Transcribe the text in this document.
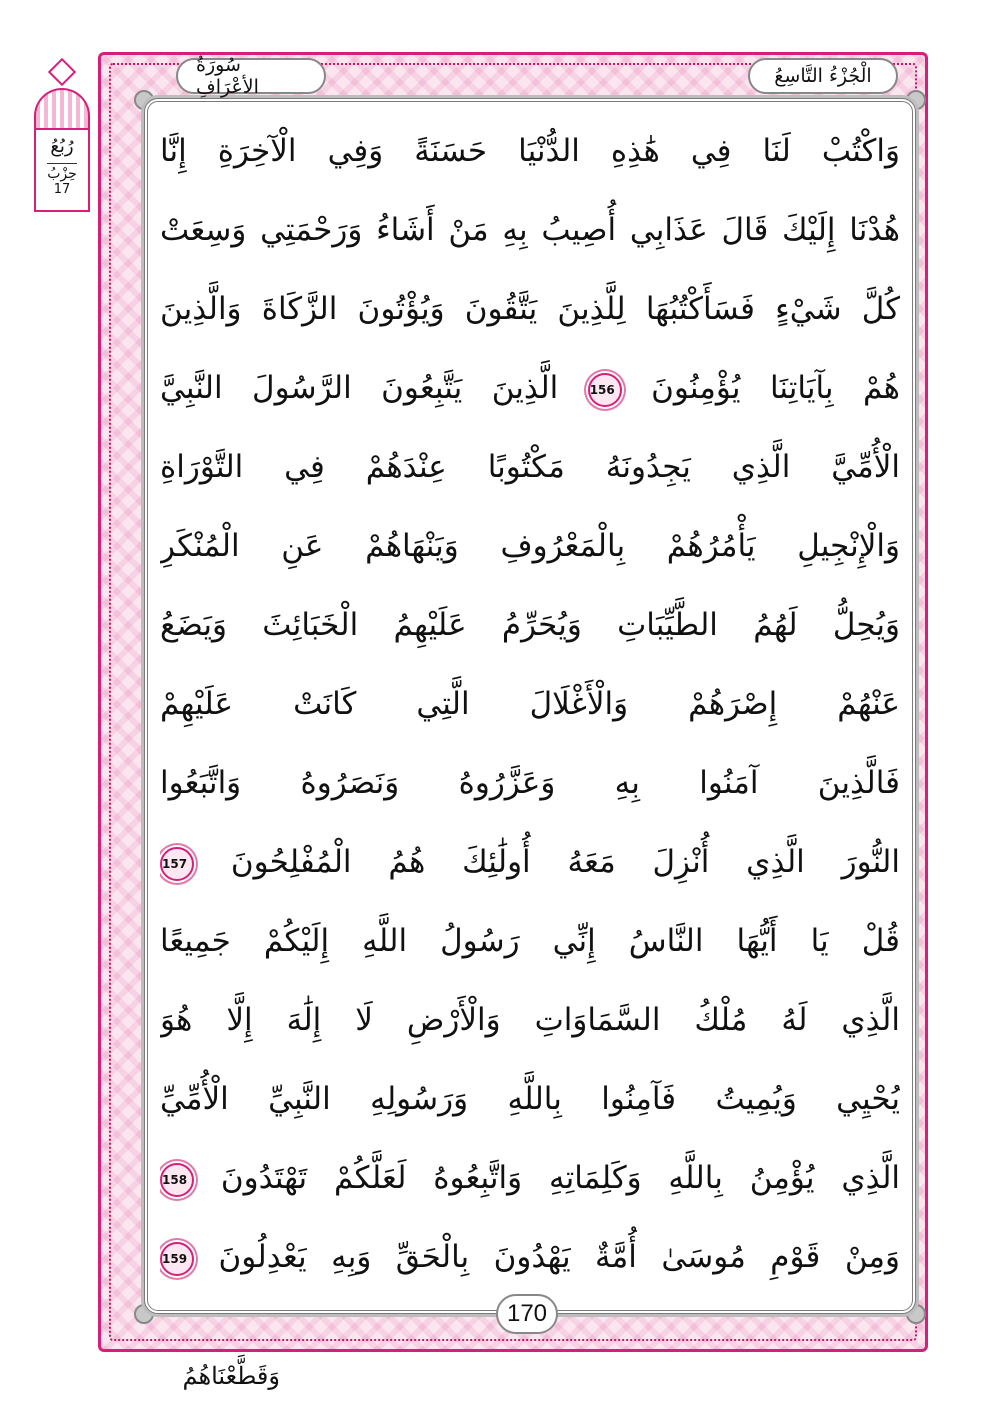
الْجُزْءُ التَّاسِعُ
سُورَةُ الأعْرَافِ
رُبُعُ
حِزْبُ
17
وَاكْتُبْ لَنَا فِي هَٰذِهِ الدُّنْيَا حَسَنَةً وَفِي الْآخِرَةِ إِنَّا
هُدْنَا إِلَيْكَ قَالَ عَذَابِي أُصِيبُ بِهِ مَنْ أَشَاءُ وَرَحْمَتِي وَسِعَتْ
كُلَّ شَيْءٍ فَسَأَكْتُبُهَا لِلَّذِينَ يَتَّقُونَ وَيُؤْتُونَ الزَّكَاةَ وَالَّذِينَ
هُمْ بِآيَاتِنَا يُؤْمِنُونَ 156 الَّذِينَ يَتَّبِعُونَ الرَّسُولَ النَّبِيَّ
الْأُمِّيَّ الَّذِي يَجِدُونَهُ مَكْتُوبًا عِنْدَهُمْ فِي التَّوْرَاةِ
وَالْإِنْجِيلِ يَأْمُرُهُمْ بِالْمَعْرُوفِ وَيَنْهَاهُمْ عَنِ الْمُنْكَرِ
وَيُحِلُّ لَهُمُ الطَّيِّبَاتِ وَيُحَرِّمُ عَلَيْهِمُ الْخَبَائِثَ وَيَضَعُ
عَنْهُمْ إِصْرَهُمْ وَالْأَغْلَالَ الَّتِي كَانَتْ عَلَيْهِمْ
فَالَّذِينَ آمَنُوا بِهِ وَعَزَّرُوهُ وَنَصَرُوهُ وَاتَّبَعُوا
النُّورَ الَّذِي أُنْزِلَ مَعَهُ أُولَٰئِكَ هُمُ الْمُفْلِحُونَ 157
قُلْ يَا أَيُّهَا النَّاسُ إِنِّي رَسُولُ اللَّهِ إِلَيْكُمْ جَمِيعًا
الَّذِي لَهُ مُلْكُ السَّمَاوَاتِ وَالْأَرْضِ لَا إِلَٰهَ إِلَّا هُوَ
يُحْيِي وَيُمِيتُ فَآمِنُوا بِاللَّهِ وَرَسُولِهِ النَّبِيِّ الْأُمِّيِّ
الَّذِي يُؤْمِنُ بِاللَّهِ وَكَلِمَاتِهِ وَاتَّبِعُوهُ لَعَلَّكُمْ تَهْتَدُونَ 158
وَمِنْ قَوْمِ مُوسَىٰ أُمَّةٌ يَهْدُونَ بِالْحَقِّ وَبِهِ يَعْدِلُونَ 159
170
وَقَطَّعْنَاهُمُ
